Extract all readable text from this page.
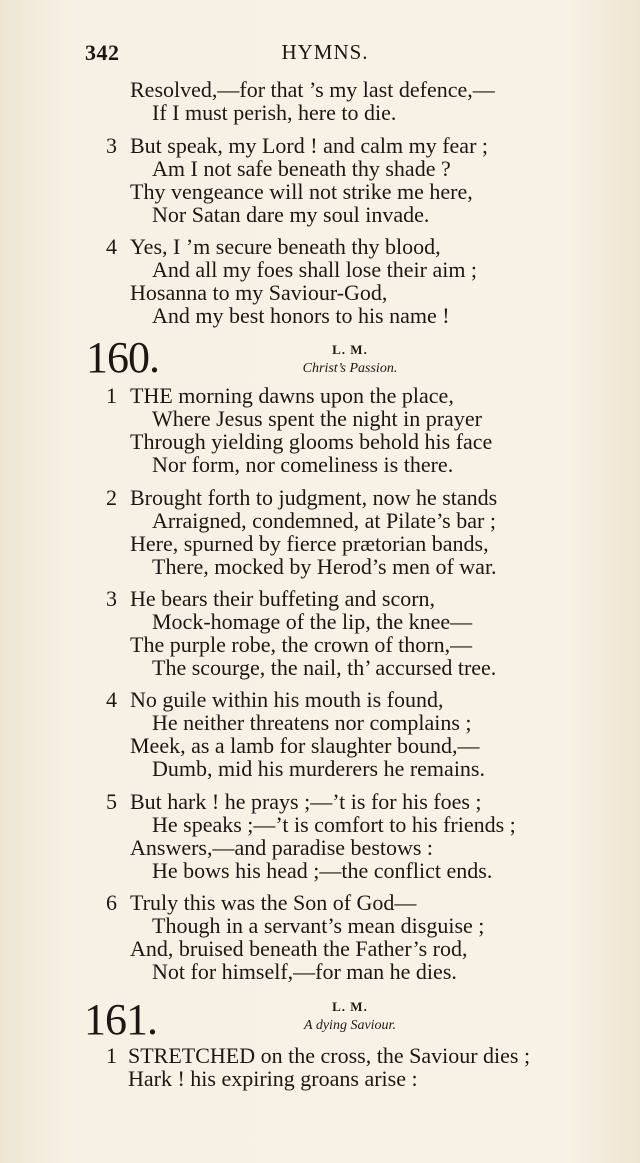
342	HYMNS.
Resolved,—for that ’s my last defence,—
If I must perish, here to die.
3 But speak, my Lord ! and calm my fear ;
Am I not safe beneath thy shade ?
Thy vengeance will not strike me here,
Nor Satan dare my soul invade.
4 Yes, I ’m secure beneath thy blood,
And all my foes shall lose their aim ;
Hosanna to my Saviour-God,
And my best honors to his name !
160.	L. M.
Christ’s Passion.
1 THE morning dawns upon the place,
Where Jesus spent the night in prayer
Through yielding glooms behold his face
Nor form, nor comeliness is there.
2 Brought forth to judgment, now he stands
Arraigned, condemned, at Pilate’s bar ;
Here, spurned by fierce prætorian bands,
There, mocked by Herod’s men of war.
3 He bears their buffeting and scorn,
Mock-homage of the lip, the knee—
The purple robe, the crown of thorn,—
The scourge, the nail, th’ accursed tree.
4 No guile within his mouth is found,
He neither threatens nor complains ;
Meek, as a lamb for slaughter bound,—
Dumb, mid his murderers he remains.
5 But hark ! he prays ;—’t is for his foes ;
He speaks ;—’t is comfort to his friends ;
Answers,—and paradise bestows :
He bows his head ;—the conflict ends.
6 Truly this was the Son of God—
Though in a servant’s mean disguise ;
And, bruised beneath the Father’s rod,
Not for himself,—for man he dies.
161.	L. M.
A dying Saviour.
1 STRETCHED on the cross, the Saviour dies ;
Hark ! his expiring groans arise :
